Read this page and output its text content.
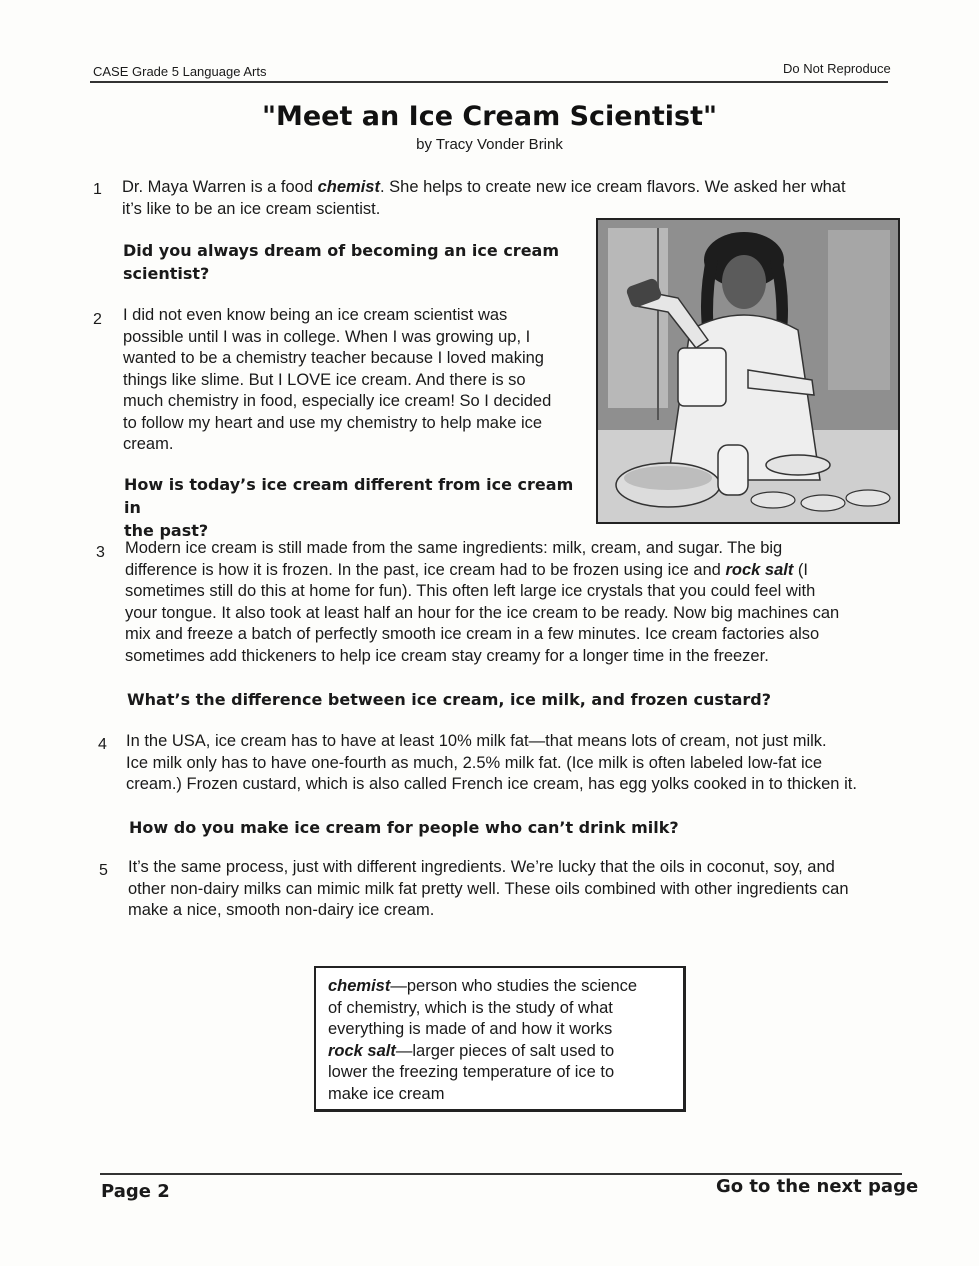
CASE Grade 5 Language Arts	Do Not Reproduce
"Meet an Ice Cream Scientist"
by Tracy Vonder Brink
1 Dr. Maya Warren is a food chemist. She helps to create new ice cream flavors. We asked her what
it’s like to be an ice cream scientist.
Did you always dream of becoming an ice cream
scientist?
2 I did not even know being an ice cream scientist was
possible until I was in college. When I was growing up, I
wanted to be a chemistry teacher because I loved making
things like slime. But I LOVE ice cream. And there is so
much chemistry in food, especially ice cream! So I decided
to follow my heart and use my chemistry to help make ice
cream.
How is today’s ice cream different from ice cream in
the past?
3 Modern ice cream is still made from the same ingredients: milk, cream, and sugar. The big
difference is how it is frozen. In the past, ice cream had to be frozen using ice and rock salt (I
sometimes still do this at home for fun). This often left large ice crystals that you could feel with
your tongue. It also took at least half an hour for the ice cream to be ready. Now big machines can
mix and freeze a batch of perfectly smooth ice cream in a few minutes. Ice cream factories also
sometimes add thickeners to help ice cream stay creamy for a longer time in the freezer.
What’s the difference between ice cream, ice milk, and frozen custard?
4 In the USA, ice cream has to have at least 10% milk fat—that means lots of cream, not just milk.
Ice milk only has to have one-fourth as much, 2.5% milk fat. (Ice milk is often labeled low-fat ice
cream.) Frozen custard, which is also called French ice cream, has egg yolks cooked in to thicken it.
How do you make ice cream for people who can’t drink milk?
5 It’s the same process, just with different ingredients. We’re lucky that the oils in coconut, soy, and
other non-dairy milks can mimic milk fat pretty well. These oils combined with other ingredients can
make a nice, smooth non-dairy ice cream.
chemist—person who studies the science
of chemistry, which is the study of what
everything is made of and how it works
rock salt—larger pieces of salt used to
lower the freezing temperature of ice to
make ice cream
Page 2	Go to the next page
